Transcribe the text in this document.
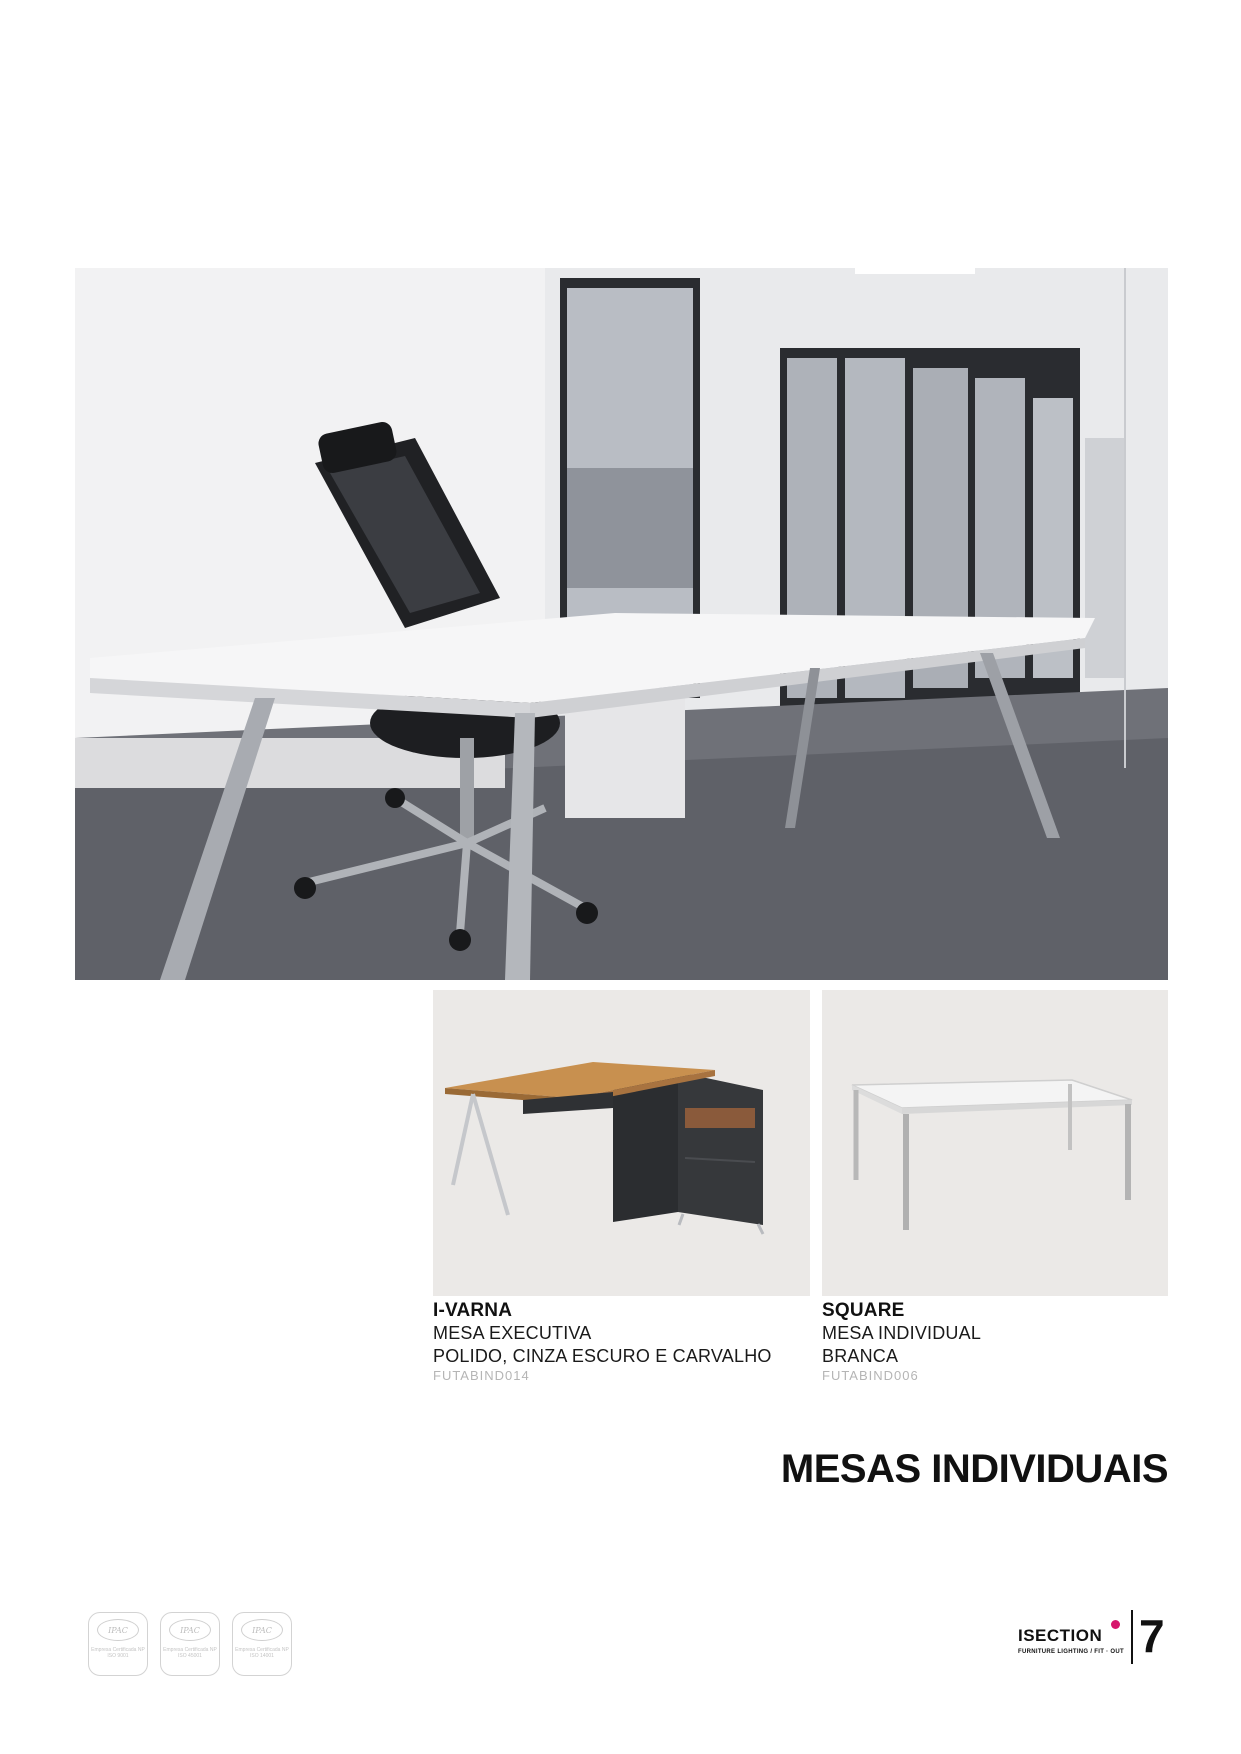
I-VARNA
MESA EXECUTIVA
POLIDO, CINZA ESCURO E CARVALHO
FUTABIND014
SQUARE
MESA INDIVIDUAL
BRANCA
FUTABIND006
MESAS INDIVIDUAIS
IPAC
Empresa Certificada NP ISO 9001
IPAC
Empresa Certificada NP ISO 45001
IPAC
Empresa Certificada NP ISO 14001
ISECTION
FURNITURE LIGHTING / FIT · OUT 7
